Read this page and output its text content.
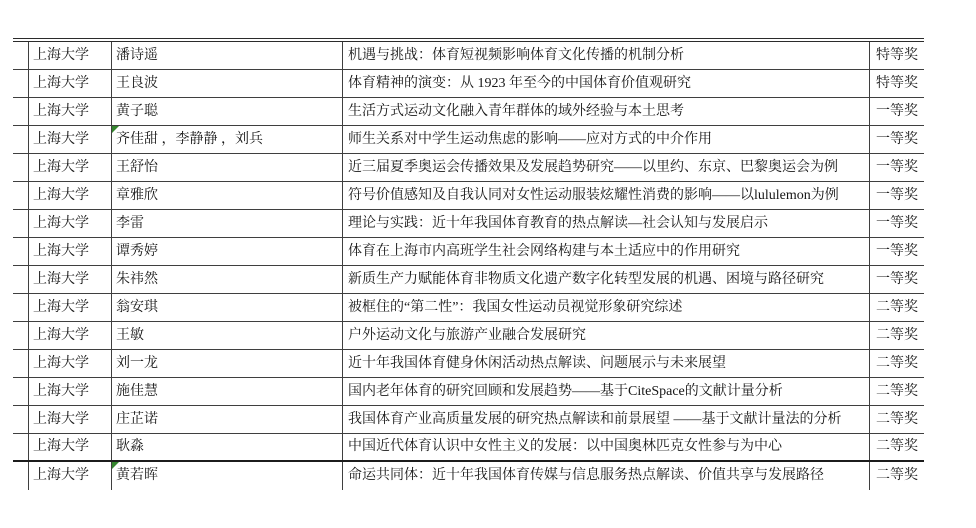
上海大学	潘诗遥	机遇与挑战：体育短视频影响体育文化传播的机制分析	特等奖
上海大学	王良波	体育精神的演变：从 1923 年至今的中国体育价值观研究	特等奖
上海大学	黄子聪	生活方式运动文化融入青年群体的域外经验与本土思考	一等奖
上海大学	齐佳甜 ，李静静 ，刘兵	师生关系对中学生运动焦虑的影响——应对方式的中介作用	一等奖
上海大学	王舒怡	近三届夏季奥运会传播效果及发展趋势研究——以里约、东京、巴黎奥运会为例	一等奖
上海大学	章雅欣	符号价值感知及自我认同对女性运动服装炫耀性消费的影响——以lululemon为例	一等奖
上海大学	李雷	理论与实践：近十年我国体育教育的热点解读—社会认知与发展启示	一等奖
上海大学	谭秀婷	体育在上海市内高班学生社会网络构建与本土适应中的作用研究	一等奖
上海大学	朱祎然	新质生产力赋能体育非物质文化遗产数字化转型发展的机遇、困境与路径研究	一等奖
上海大学	翁安琪	被框住的“第二性”：我国女性运动员视觉形象研究综述	二等奖
上海大学	王敏	户外运动文化与旅游产业融合发展研究	二等奖
上海大学	刘一龙	近十年我国体育健身休闲活动热点解读、问题展示与未来展望	二等奖
上海大学	施佳慧	国内老年体育的研究回顾和发展趋势——基于CiteSpace的文献计量分析	二等奖
上海大学	庄芷诺	我国体育产业高质量发展的研究热点解读和前景展望 ——基于文献计量法的分析	二等奖
上海大学	耿淼	中国近代体育认识中女性主义的发展：以中国奥林匹克女性参与为中心	二等奖
上海大学	黄若晖	命运共同体：近十年我国体育传媒与信息服务热点解读、价值共享与发展路径	二等奖
